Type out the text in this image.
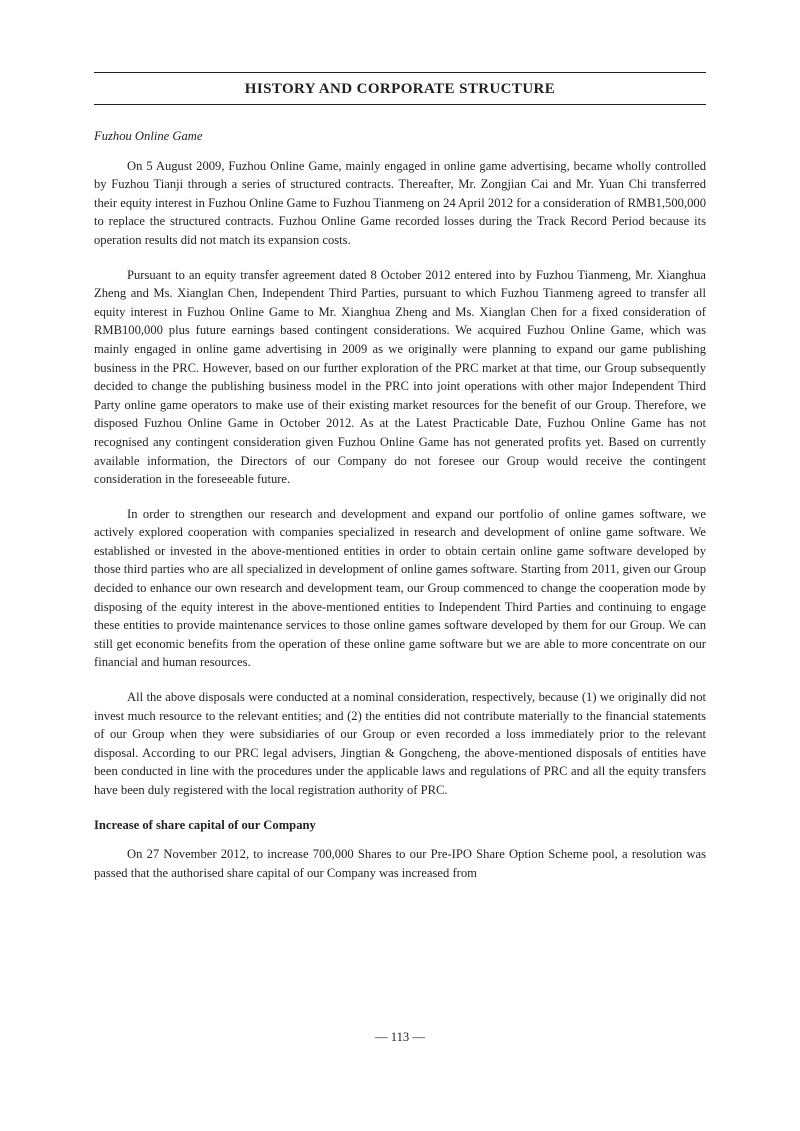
HISTORY AND CORPORATE STRUCTURE

Fuzhou Online Game

On 5 August 2009, Fuzhou Online Game, mainly engaged in online game advertising, became wholly controlled by Fuzhou Tianji through a series of structured contracts. Thereafter, Mr. Zongjian Cai and Mr. Yuan Chi transferred their equity interest in Fuzhou Online Game to Fuzhou Tianmeng on 24 April 2012 for a consideration of RMB1,500,000 to replace the structured contracts. Fuzhou Online Game recorded losses during the Track Record Period because its operation results did not match its expansion costs.

Pursuant to an equity transfer agreement dated 8 October 2012 entered into by Fuzhou Tianmeng, Mr. Xianghua Zheng and Ms. Xianglan Chen, Independent Third Parties, pursuant to which Fuzhou Tianmeng agreed to transfer all equity interest in Fuzhou Online Game to Mr. Xianghua Zheng and Ms. Xianglan Chen for a fixed consideration of RMB100,000 plus future earnings based contingent considerations. We acquired Fuzhou Online Game, which was mainly engaged in online game advertising in 2009 as we originally were planning to expand our game publishing business in the PRC. However, based on our further exploration of the PRC market at that time, our Group subsequently decided to change the publishing business model in the PRC into joint operations with other major Independent Third Party online game operators to make use of their existing market resources for the benefit of our Group. Therefore, we disposed Fuzhou Online Game in October 2012. As at the Latest Practicable Date, Fuzhou Online Game has not recognised any contingent consideration given Fuzhou Online Game has not generated profits yet. Based on currently available information, the Directors of our Company do not foresee our Group would receive the contingent consideration in the foreseeable future.

In order to strengthen our research and development and expand our portfolio of online games software, we actively explored cooperation with companies specialized in research and development of online game software. We established or invested in the above-mentioned entities in order to obtain certain online game software developed by those third parties who are all specialized in development of online games software. Starting from 2011, given our Group decided to enhance our own research and development team, our Group commenced to change the cooperation mode by disposing of the equity interest in the above-mentioned entities to Independent Third Parties and continuing to engage these entities to provide maintenance services to those online games software developed by them for our Group. We can still get economic benefits from the operation of these online game software but we are able to more concentrate on our financial and human resources.

All the above disposals were conducted at a nominal consideration, respectively, because (1) we originally did not invest much resource to the relevant entities; and (2) the entities did not contribute materially to the financial statements of our Group when they were subsidiaries of our Group or even recorded a loss immediately prior to the relevant disposal. According to our PRC legal advisers, Jingtian & Gongcheng, the above-mentioned disposals of entities have been conducted in line with the procedures under the applicable laws and regulations of PRC and all the equity transfers have been duly registered with the local registration authority of PRC.

Increase of share capital of our Company

On 27 November 2012, to increase 700,000 Shares to our Pre-IPO Share Option Scheme pool, a resolution was passed that the authorised share capital of our Company was increased from

— 113 —
